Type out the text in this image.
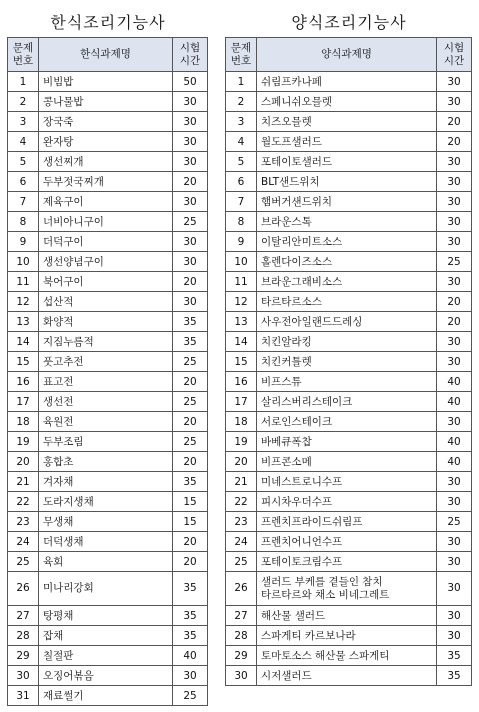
한식조리기능사	양식조리기능사
문제
번호	한식과제명	시험
시간
1	비빔밥	50
2	콩나물밥	30
3	장국죽	30
4	완자탕	30
5	생선찌개	30
6	두부젓국찌개	20
7	제육구이	30
8	너비아니구이	25
9	더덕구이	30
10	생선양념구이	30
11	북어구이	20
12	섭산적	30
13	화양적	35
14	지짐누름적	35
15	풋고추전	25
16	표고전	20
17	생선전	25
18	육원전	20
19	두부조림	25
20	홍합초	20
21	겨자채	35
22	도라지생채	15
23	무생채	15
24	더덕생채	20
25	육회	20
26	미나리강회	35
27	탕평채	35
28	잡채	35
29	칠절판	40
30	오징어볶음	30
31	재료썰기	25
문제
번호	양식과제명	시험
시간
1	쉬림프카나페	30
2	스페니쉬오믈렛	30
3	치즈오믈렛	20
4	월도프샐러드	20
5	포테이토샐러드	30
6	BLT샌드위치	30
7	햄버거샌드위치	30
8	브라운스톡	30
9	이탈리안미트소스	30
10	홀렌다이즈소스	25
11	브라운그래비소스	30
12	타르타르소스	20
13	사우전아일랜드드레싱	20
14	치킨알라킹	30
15	치킨커틀렛	30
16	비프스튜	40
17	살리스버리스테이크	40
18	서로인스테이크	30
19	바베큐폭찹	40
20	비프콘소메	40
21	미네스트로니수프	30
22	피시차우더수프	30
23	프렌치프라이드쉬림프	25
24	프렌치어니언수프	30
25	포테이토크림수프	30
26	샐러드 부케를 곁들인 참치
타르타르와 채소 비네그레트	30
27	해산물 샐러드	30
28	스파게티 카르보나라	30
29	토마토소스 해산물 스파게티	35
30	시저샐러드	35
